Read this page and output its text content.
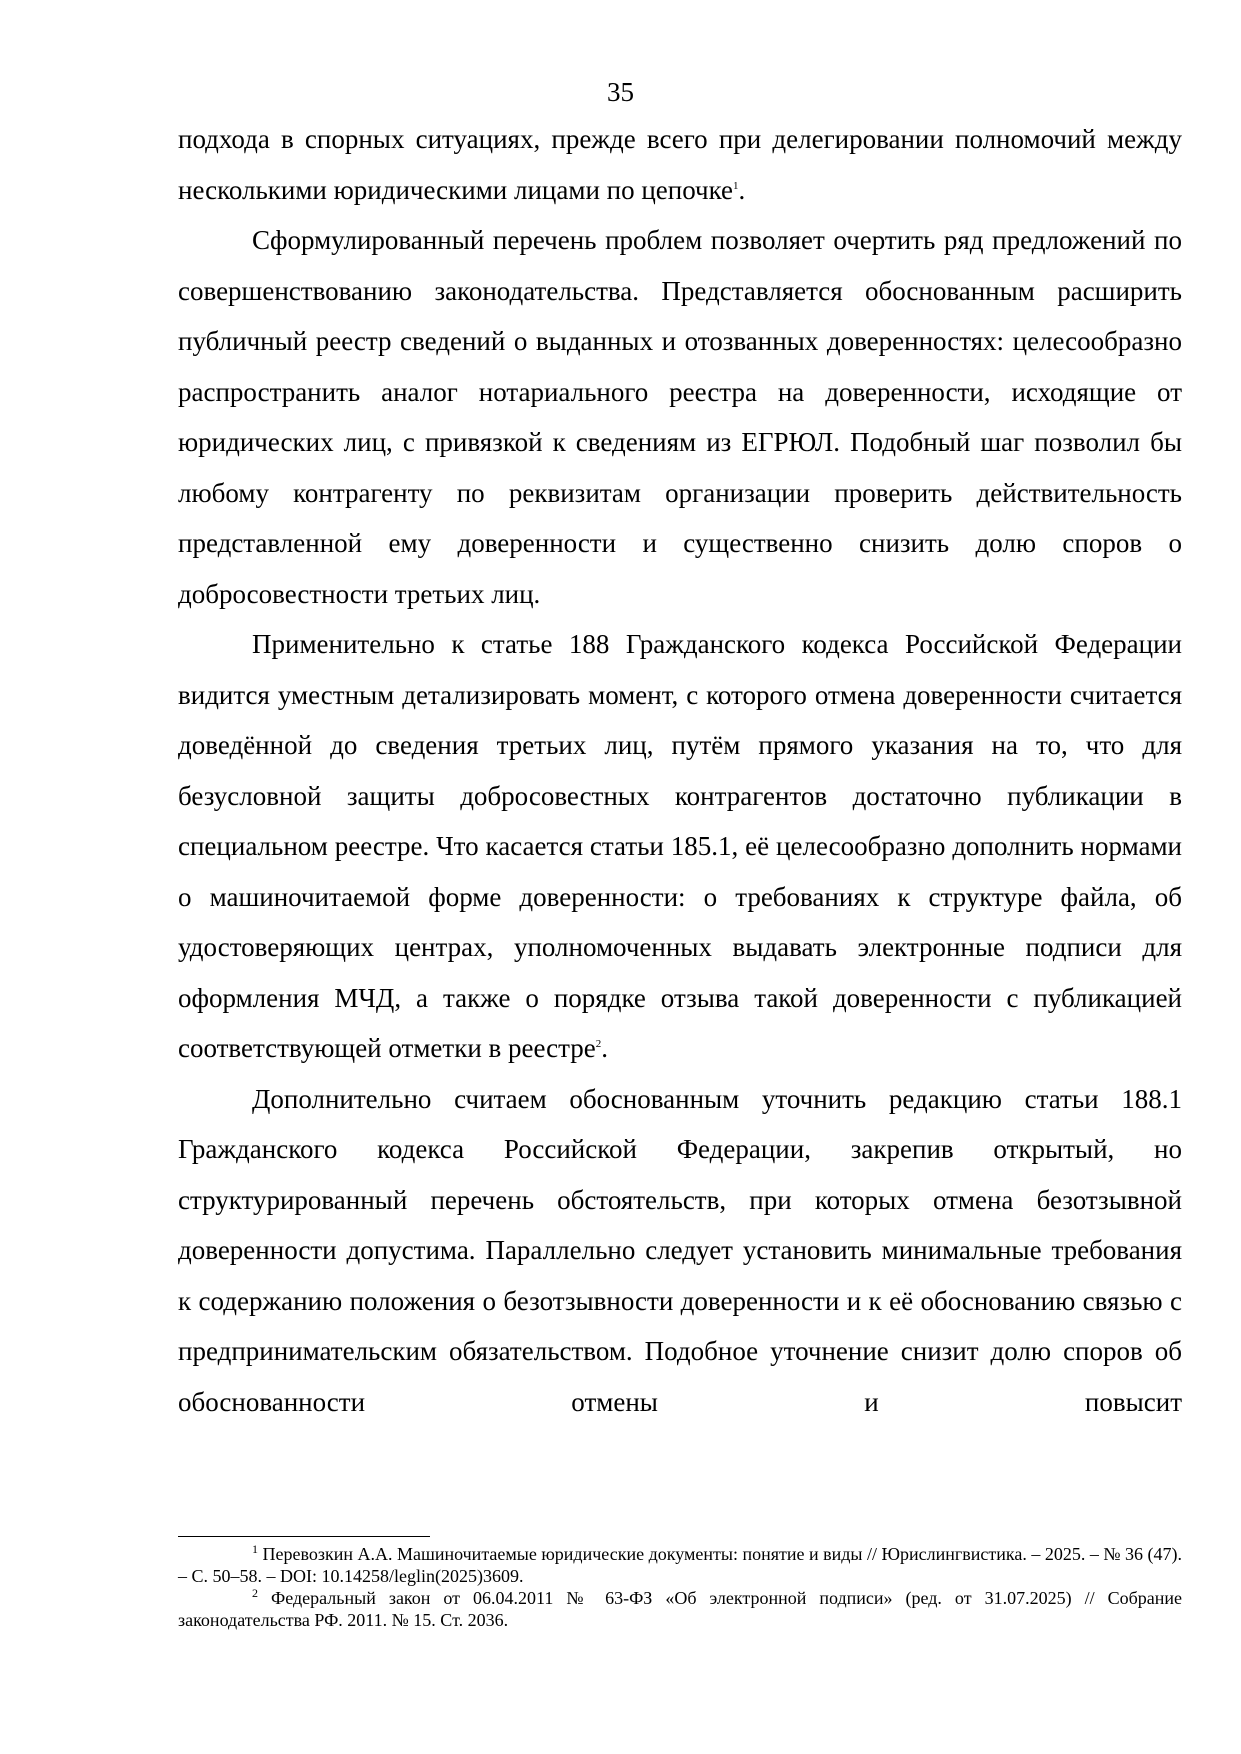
35

подхода в спорных ситуациях, прежде всего при делегировании полномочий между несколькими юридическими лицами по цепочке$^1$.

Сформулированный перечень проблем позволяет очертить ряд предложений по совершенствованию законодательства. Представляется обоснованным расширить публичный реестр сведений о выданных и отозванных доверенностях: целесообразно распространить аналог нотариального реестра на доверенности, исходящие от юридических лиц, с привязкой к сведениям из ЕГРЮЛ. Подобный шаг позволил бы любому контрагенту по реквизитам организации проверить действительность представленной ему доверенности и существенно снизить долю споров о добросовестности третьих лиц.

Применительно к статье 188 Гражданского кодекса Российской Федерации видится уместным детализировать момент, с которого отмена доверенности считается доведённой до сведения третьих лиц, путём прямого указания на то, что для безусловной защиты добросовестных контрагентов достаточно публикации в специальном реестре. Что касается статьи 185.1, её целесообразно дополнить нормами о машиночитаемой форме доверенности: о требованиях к структуре файла, об удостоверяющих центрах, уполномоченных выдавать электронные подписи для оформления МЧД, а также о порядке отзыва такой доверенности с публикацией соответствующей отметки в реестре$^2$.

Дополнительно считаем обоснованным уточнить редакцию статьи 188.1 Гражданского кодекса Российской Федерации, закрепив открытый, но структурированный перечень обстоятельств, при которых отмена безотзывной доверенности допустима. Параллельно следует установить минимальные требования к содержанию положения о безотзывности доверенности и к её обоснованию связью с предпринимательским обязательством. Подобное уточнение снизит долю споров об обоснованности отмены и повысит

$^1$ Перевозкин А.А. Машиночитаемые юридические документы: понятие и виды // Юрислингвистика. – 2025. – № 36 (47). – С. 50–58. – DOI: 10.14258/leglin(2025)3609.

$^2$ Федеральный закон от 06.04.2011 № 63-ФЗ «Об электронной подписи» (ред. от 31.07.2025) // Собрание законодательства РФ. 2011. № 15. Ст. 2036.
